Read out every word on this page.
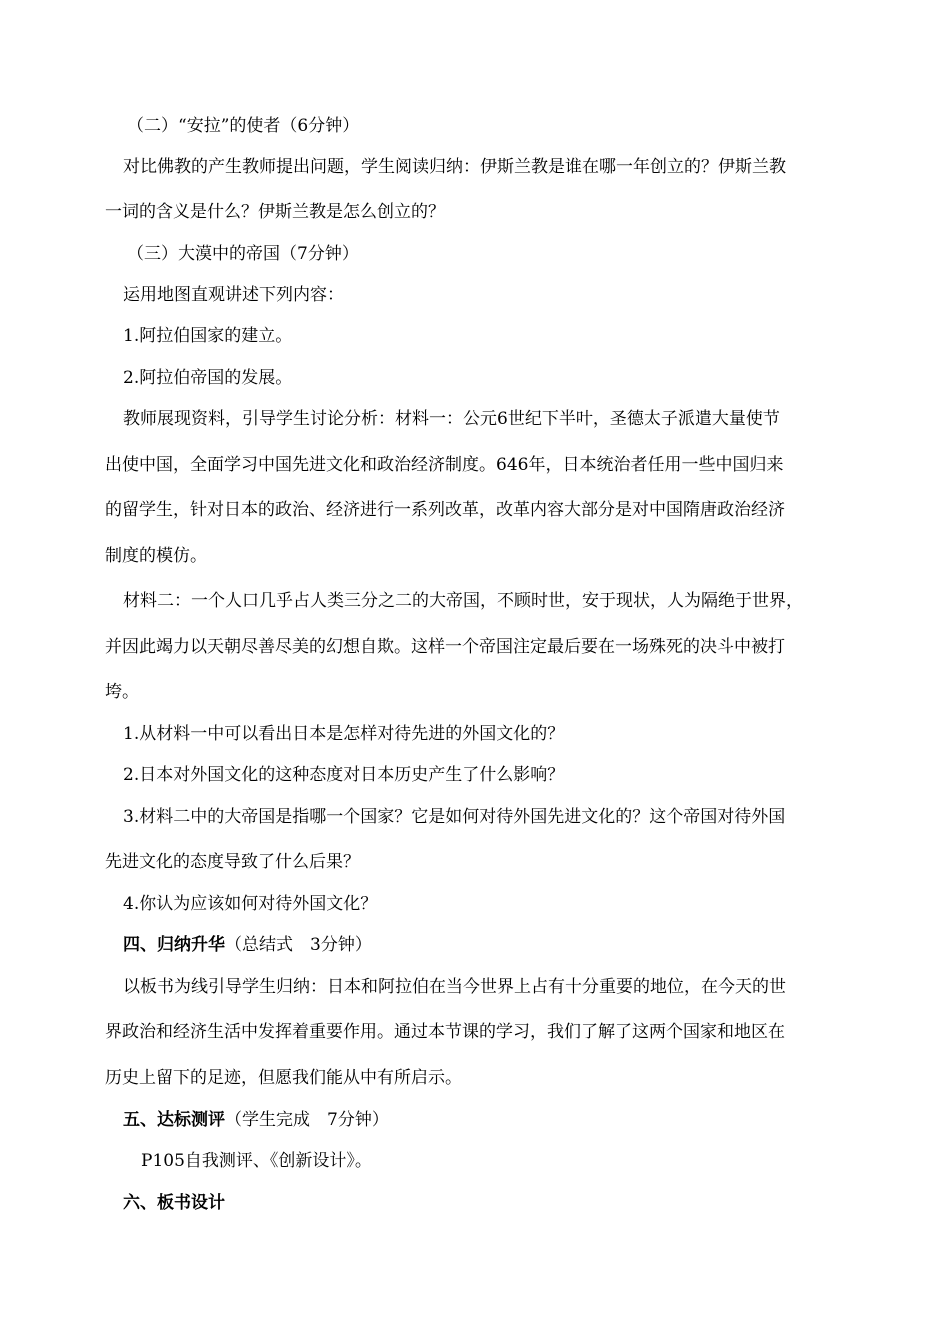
（二）“安拉”的使者（6分钟）
对比佛教的产生教师提出问题，学生阅读归纳：伊斯兰教是谁在哪一年创立的？伊斯兰教
一词的含义是什么？伊斯兰教是怎么创立的？
（三）大漠中的帝国（7分钟）
运用地图直观讲述下列内容：
1.阿拉伯国家的建立。
2.阿拉伯帝国的发展。
教师展现资料，引导学生讨论分析：材料一：公元6世纪下半叶，圣德太子派遣大量使节
出使中国，全面学习中国先进文化和政治经济制度。646年，日本统治者任用一些中国归来
的留学生，针对日本的政治、经济进行一系列改革，改革内容大部分是对中国隋唐政治经济
制度的模仿。
材料二：一个人口几乎占人类三分之二的大帝国，不顾时世，安于现状，人为隔绝于世界，
并因此竭力以天朝尽善尽美的幻想自欺。这样一个帝国注定最后要在一场殊死的决斗中被打
垮。
1.从材料一中可以看出日本是怎样对待先进的外国文化的？
2.日本对外国文化的这种态度对日本历史产生了什么影响？
3.材料二中的大帝国是指哪一个国家？它是如何对待外国先进文化的？这个帝国对待外国
先进文化的态度导致了什么后果？
4.你认为应该如何对待外国文化？
四、归纳升华（总结式　3分钟）
以板书为线引导学生归纳：日本和阿拉伯在当今世界上占有十分重要的地位，在今天的世
界政治和经济生活中发挥着重要作用。通过本节课的学习，我们了解了这两个国家和地区在
历史上留下的足迹，但愿我们能从中有所启示。
五、达标测评（学生完成　7分钟）
P105自我测评、《创新设计》。
六、板书设计
